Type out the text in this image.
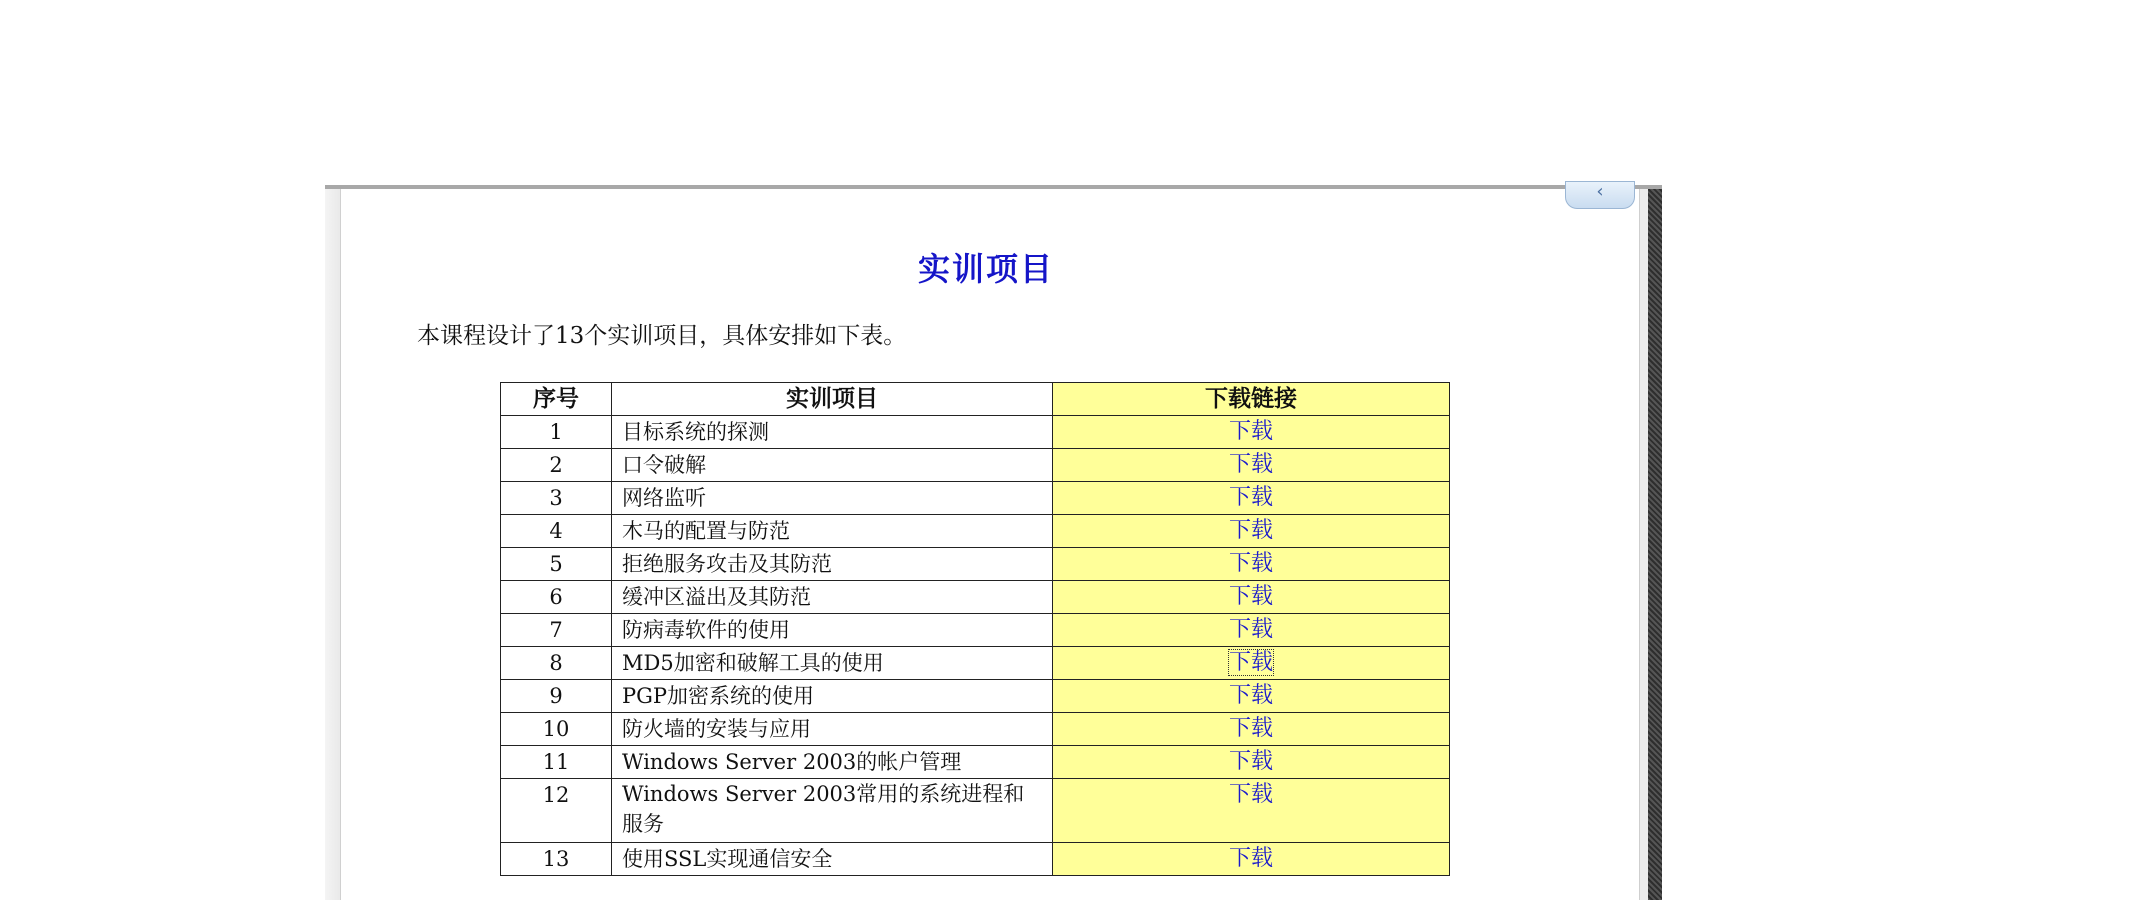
实训项目
本课程设计了13个实训项目，具体安排如下表。
序号	实训项目	下载链接
1	目标系统的探测	下载
2	口令破解	下载
3	网络监听	下载
4	木马的配置与防范	下载
5	拒绝服务攻击及其防范	下载
6	缓冲区溢出及其防范	下载
7	防病毒软件的使用	下载
8	MD5加密和破解工具的使用	下载
9	PGP加密系统的使用	下载
10	防火墙的安装与应用	下载
11	Windows Server 2003的帐户管理	下载
12	Windows Server 2003常用的系统进程和服务	下载
13	使用SSL实现通信安全	下载
‹
